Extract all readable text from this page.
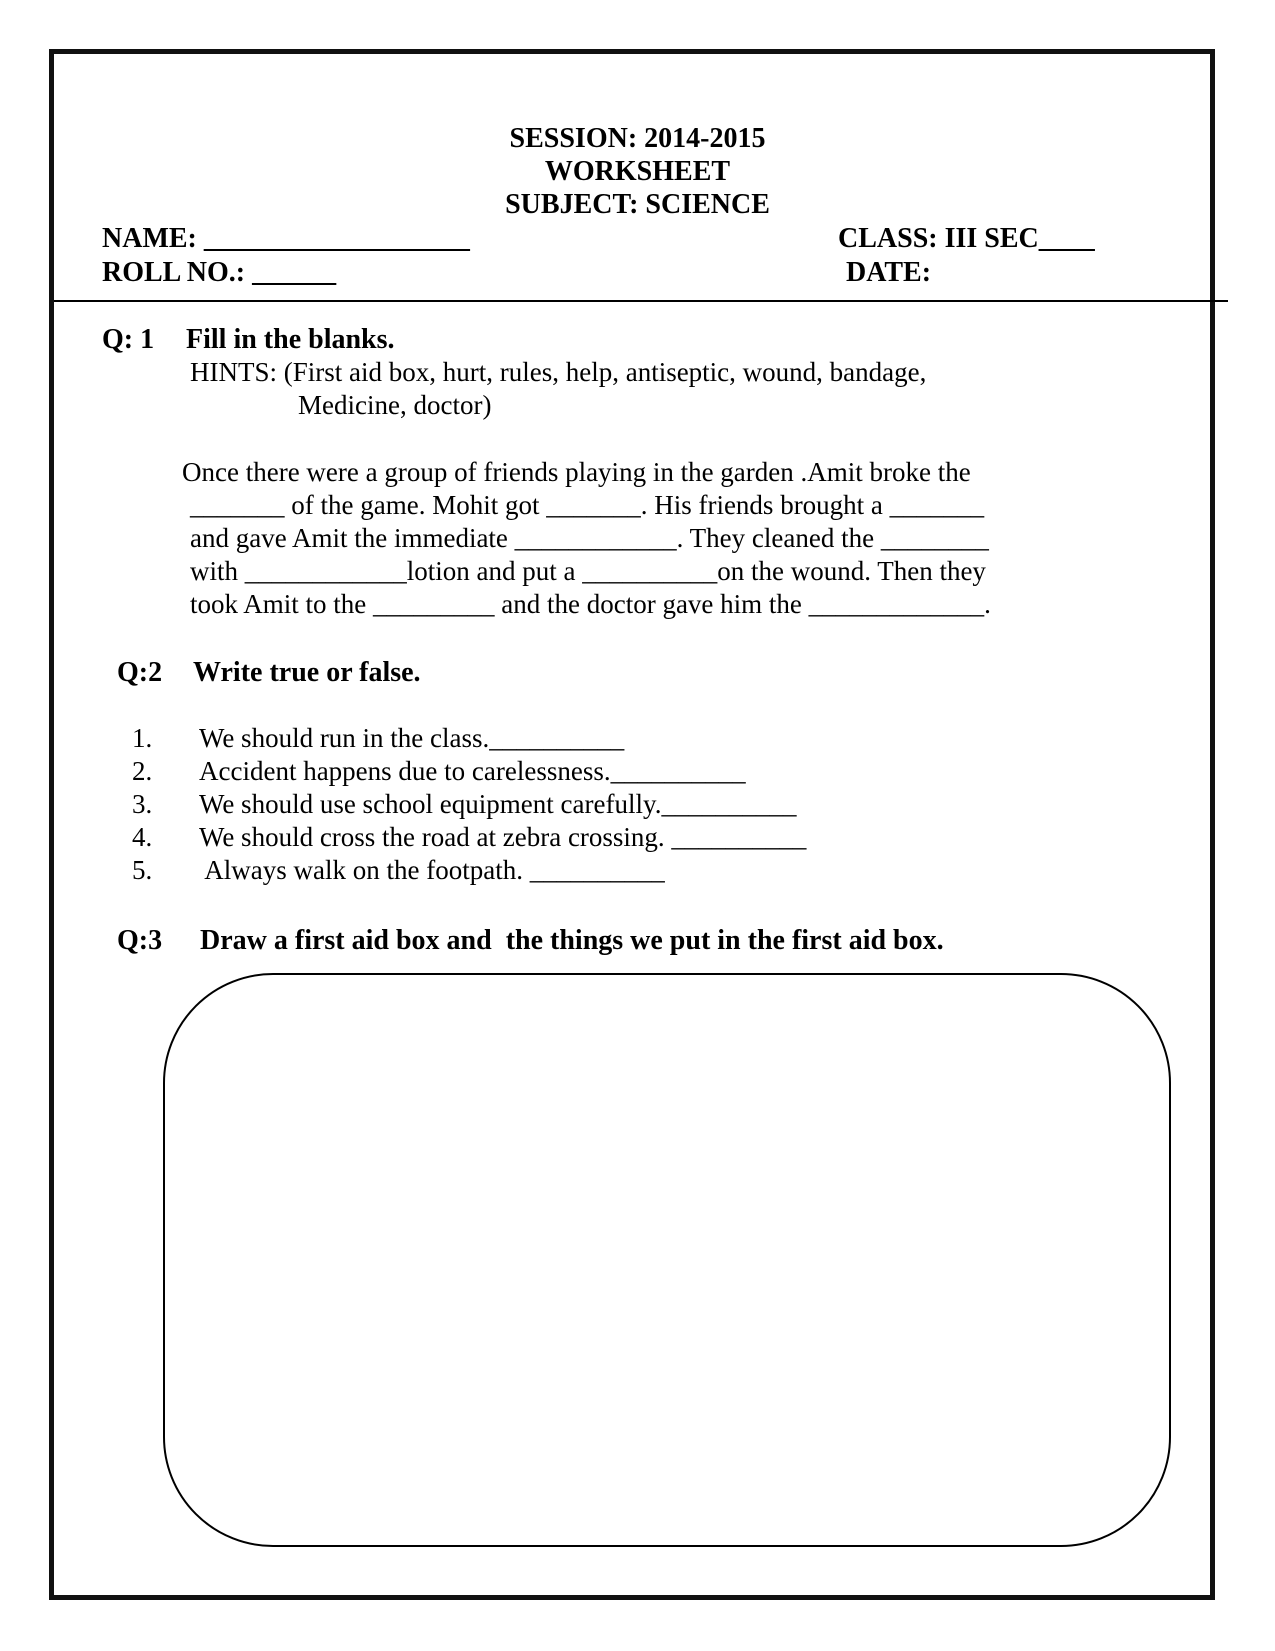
SESSION: 2014-2015
WORKSHEET
SUBJECT: SCIENCE
NAME: ___________________	CLASS: III SEC____
ROLL NO.: ______	DATE:
Q: 1 Fill in the blanks.
HINTS: (First aid box, hurt, rules, help, antiseptic, wound, bandage,
Medicine, doctor)
Once there were a group of friends playing in the garden .Amit broke the
_______ of the game. Mohit got _______. His friends brought a _______
and gave Amit the immediate ____________. They cleaned the ________
with ____________lotion and put a __________on the wound. Then they
took Amit to the _________ and the doctor gave him the _____________.
Q:2 Write true or false.
1. We should run in the class.__________
2. Accident happens due to carelessness.__________
3. We should use school equipment carefully.__________
4. We should cross the road at zebra crossing. __________
5. Always walk on the footpath. __________
Q:3 Draw a first aid box and  the things we put in the first aid box.
